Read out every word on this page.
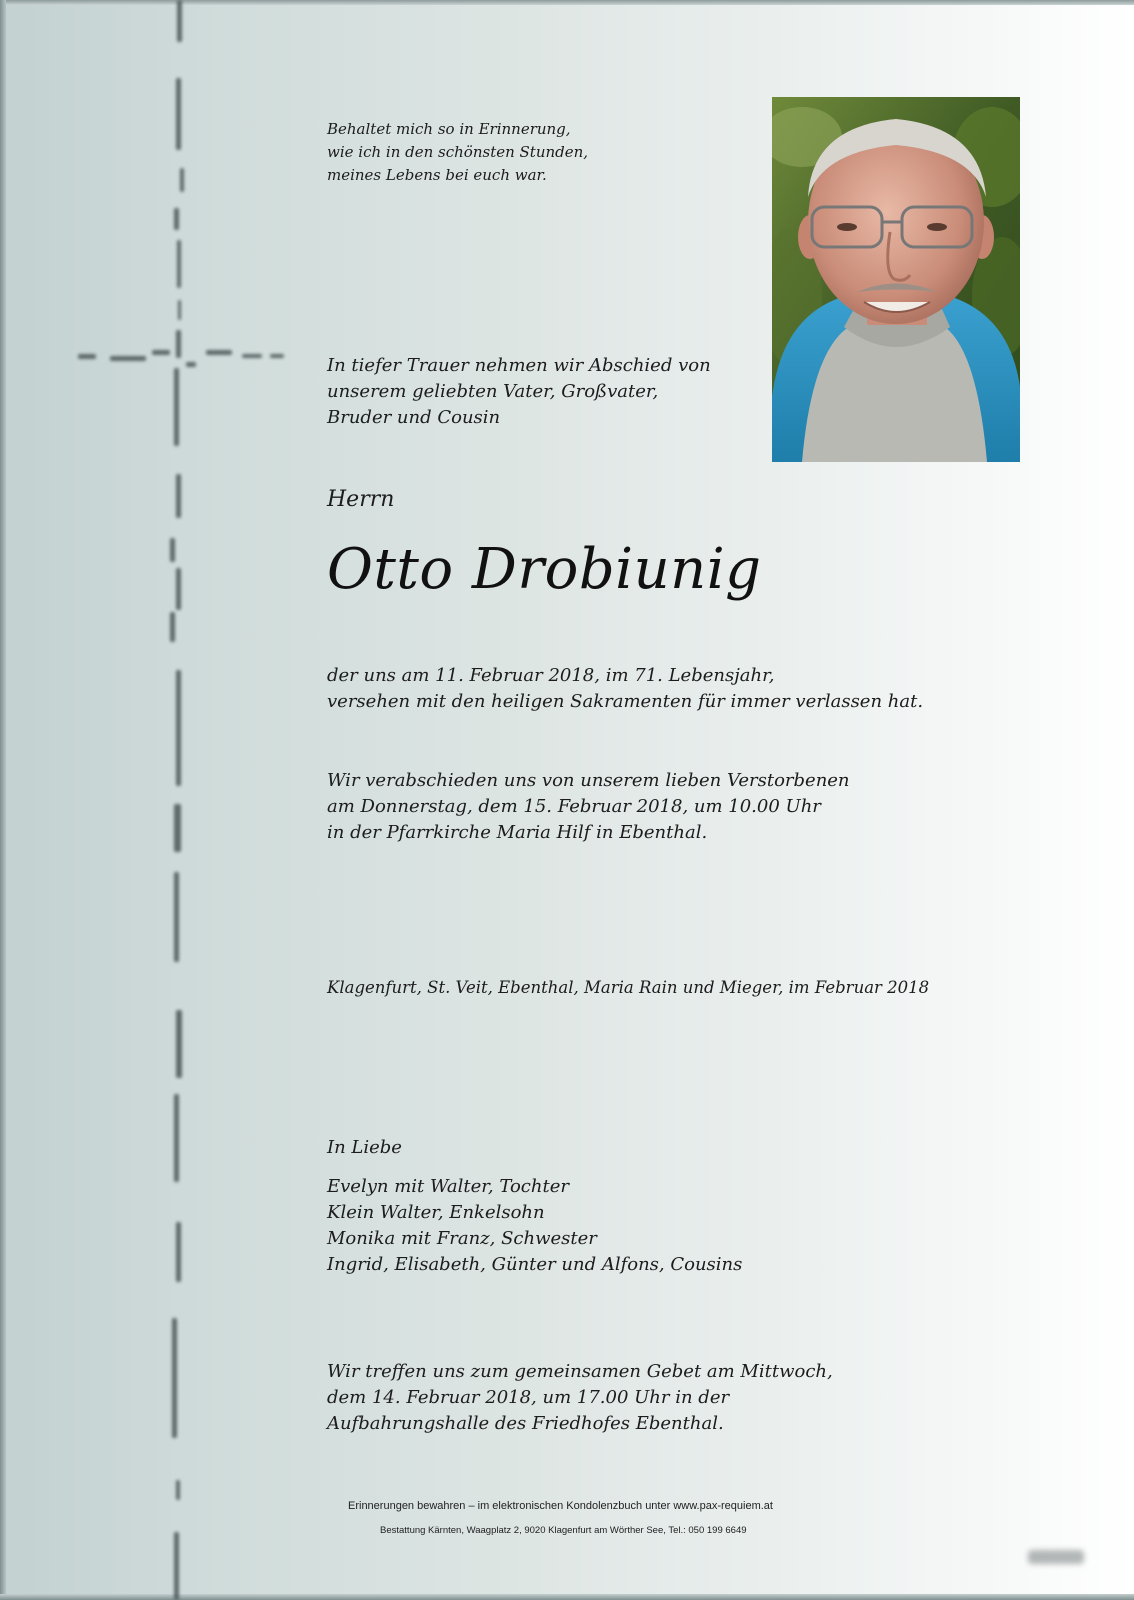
Behaltet mich so in Erinnerung,
wie ich in den schönsten Stunden,
meines Lebens bei euch war.
In tiefer Trauer nehmen wir Abschied von
unserem geliebten Vater, Großvater,
Bruder und Cousin
Herrn
Otto Drobiunig
der uns am 11. Februar 2018, im 71. Lebensjahr,
versehen mit den heiligen Sakramenten für immer verlassen hat.
Wir verabschieden uns von unserem lieben Verstorbenen
am Donnerstag, dem 15. Februar 2018, um 10.00 Uhr
in der Pfarrkirche Maria Hilf in Ebenthal.
Klagenfurt, St. Veit, Ebenthal, Maria Rain und Mieger, im Februar 2018
In Liebe
Evelyn mit Walter, Tochter
Klein Walter, Enkelsohn
Monika mit Franz, Schwester
Ingrid, Elisabeth, Günter und Alfons, Cousins
Wir treffen uns zum gemeinsamen Gebet am Mittwoch,
dem 14. Februar 2018, um 17.00 Uhr in der
Aufbahrungshalle des Friedhofes Ebenthal.
Erinnerungen bewahren – im elektronischen Kondolenzbuch unter www.pax-requiem.at
Bestattung Kärnten, Waagplatz 2, 9020 Klagenfurt am Wörther See, Tel.: 050 199 6649
